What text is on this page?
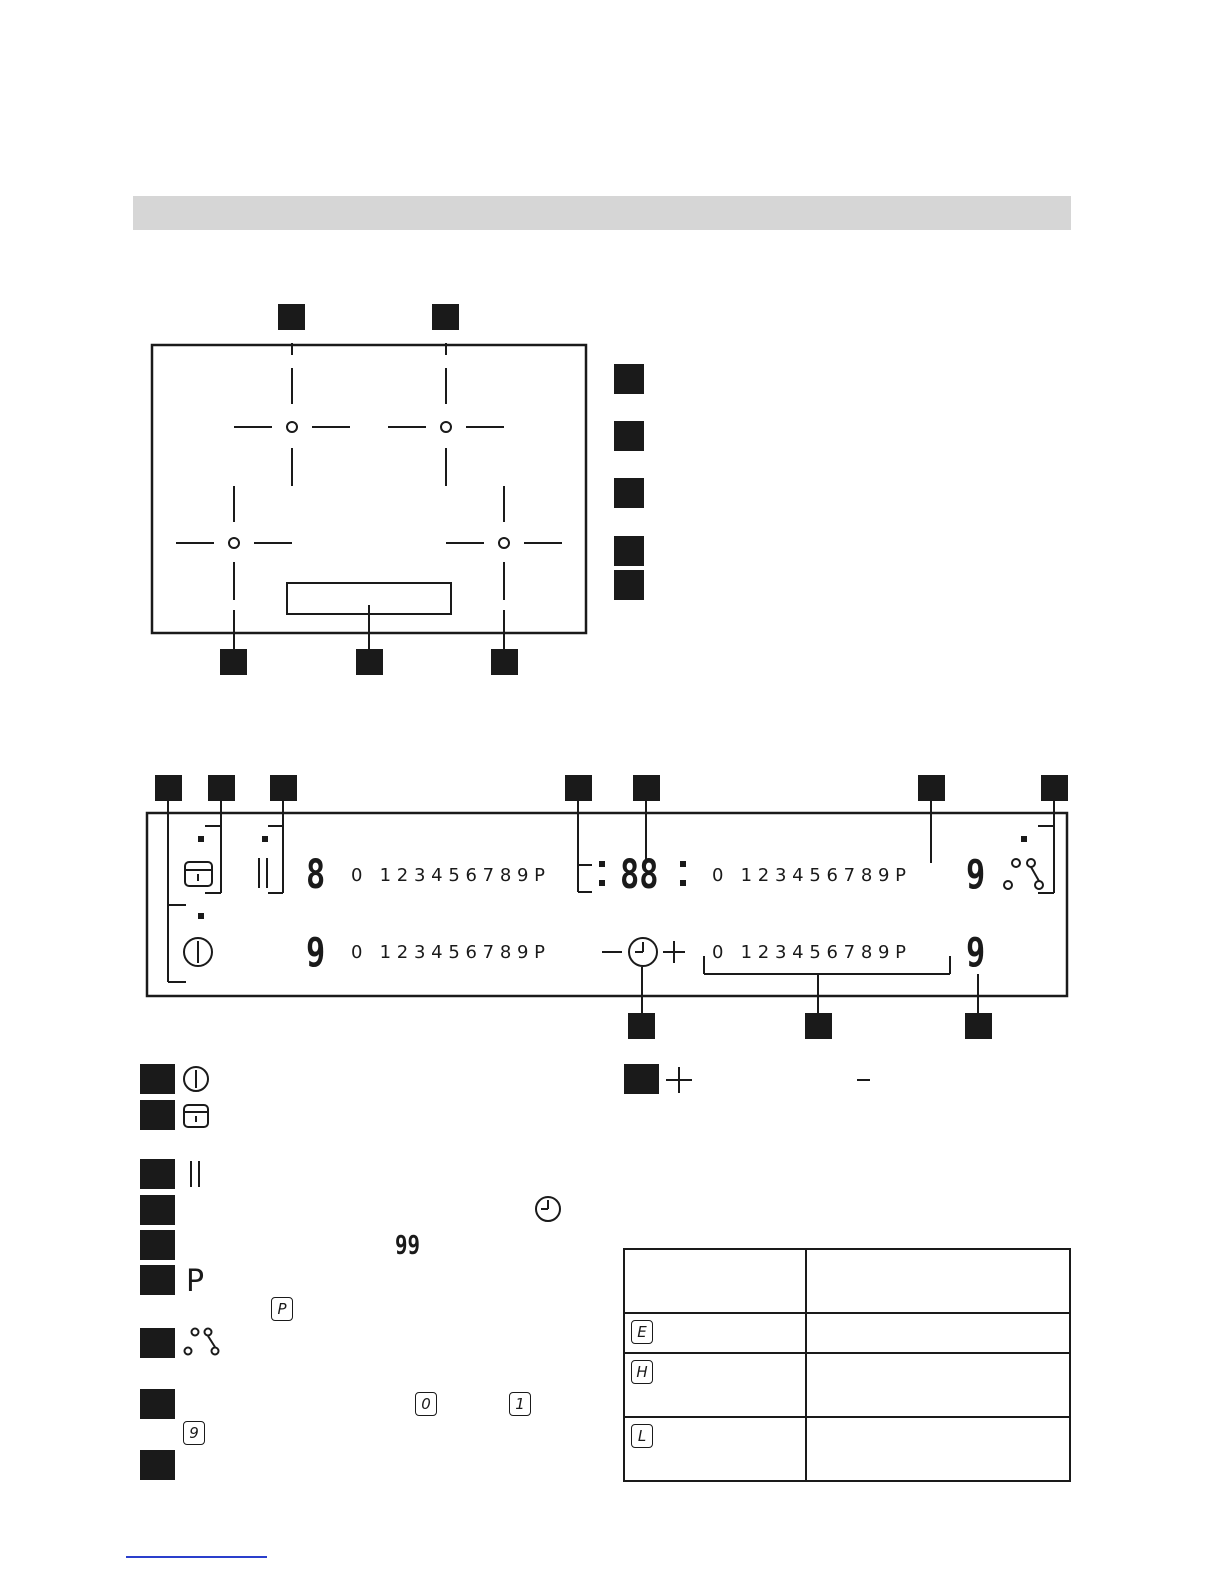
0   1 2 3 4 5 6 7 8 9 P	0   1 2 3 4 5 6 7 8 9 P
0   1 2 3 4 5 6 7 8 9 P	0   1 2 3 4 5 6 7 8 9 P
8	88	9
9	9
99
P
P
0	1
9

E	
H	
L	
